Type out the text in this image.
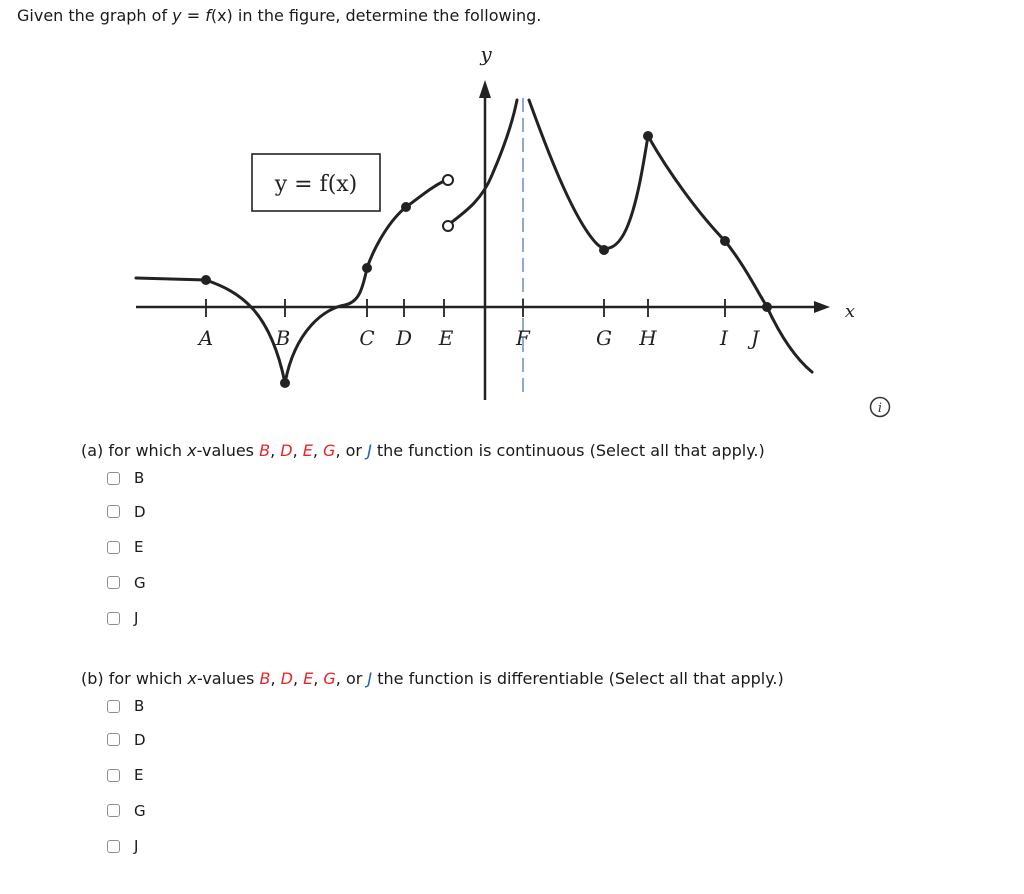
Given the graph of y = f(x) in the figure, determine the following.
y
x
A	B	C D E	F	G H	I J
y = f(x)
i
(a) for which x-values B, D, E, G, or J the function is continuous (Select all that apply.)
B
D
E
G
J
(b) for which x-values B, D, E, G, or J the function is differentiable (Select all that apply.)
B
D
E
G
J
